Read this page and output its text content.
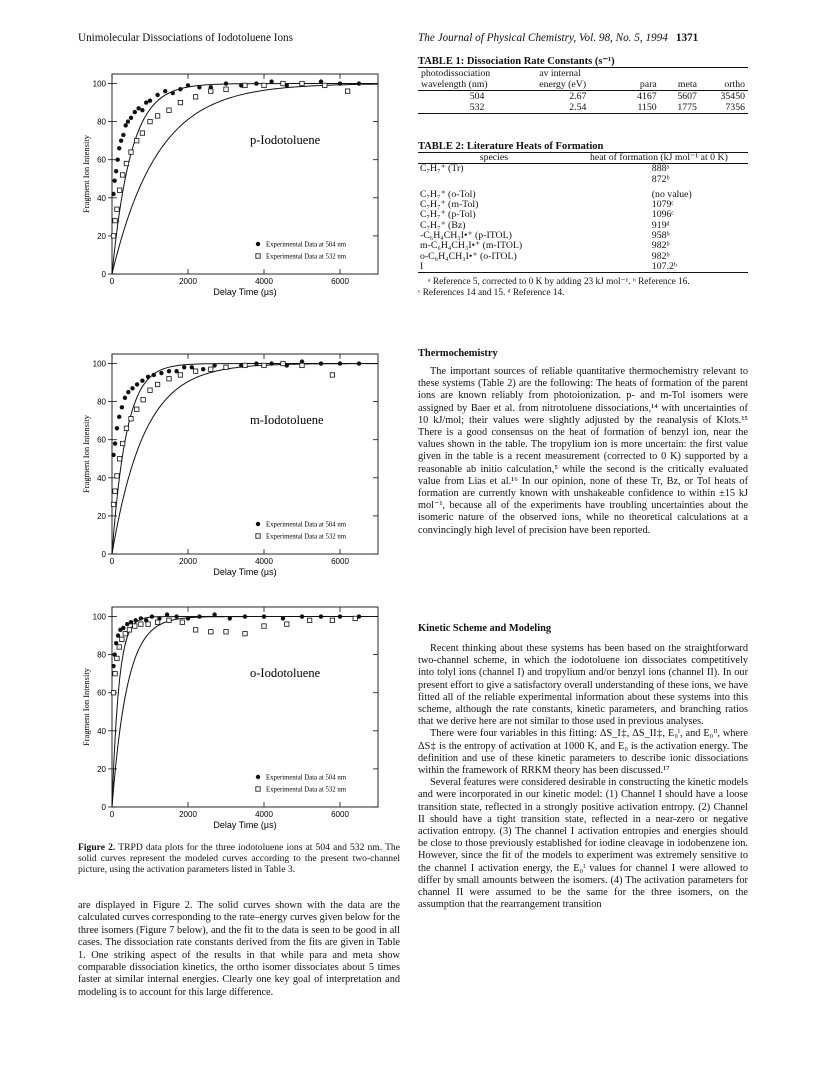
Unimolecular Dissociations of Iodotoluene Ions	The Journal of Physical Chemistry, Vol. 98, No. 5, 1994 1371
0
20
40
60
80
100
0	2000	4000	6000
Delay Time (µs)
Fragment Ion Intensity	p-Iodotoluene
Experimental Data at 504 nm
Experimental Data at 532 nm
0
20
40
60
80
100
0	2000	4000	6000
Delay Time (µs)
Fragment Ion Intensity	m-Iodotoluene
Experimental Data at 504 nm
Experimental Data at 532 nm
0
20
40
60
80
100
0	2000	4000	6000
Delay Time (µs)
Fragment Ion Intensity	o-Iodotoluene
Experimental Data at 504 nm
Experimental Data at 532 nm
Figure 2. TRPD data plots for the three iodotoluene ions at 504 and 532 nm. The solid curves represent the modeled curves according to the present two-channel picture, using the activation parameters listed in Table 3.
are displayed in Figure 2. The solid curves shown with the data are the calculated curves corresponding to the rate–energy curves given below for the three isomers (Figure 7 below), and the fit to the data is seen to be good in all cases. The dissociation rate constants derived from the fits are given in Table 1. One striking aspect of the results in that while para and meta show comparable dissociation kinetics, the ortho isomer dissociates about 5 times faster at similar internal energies. Clearly one key goal of interpretation and modeling is to account for this large difference.

TABLE 1: Dissociation Rate Constants (s⁻¹)

photodissociation	av internal			
wavelength (nm)	energy (eV)	para	meta	ortho
504	2.67	4167	5607	35450
532	2.54	1150	1775	7356

TABLE 2: Literature Heats of Formation

species	heat of formation (kJ mol⁻¹ at 0 K)
C₇H₇⁺ (Tr)	888ᵃ
	872ᵇ
C₇H₇⁺ (o-Tol)	(no value)
C₇H₇⁺ (m-Tol)	1079ᶜ
C₇H₇⁺ (p-Tol)	1096ᶜ
C₇H₇⁺ (Bz)	919ᵈ
-C₆H₄CH₃I•⁺ (p-ITOL)	958ᵇ
m-C₆H₄CH₃I•⁺ (m-ITOL)	982ᵇ
o-C₆H₄CH₃I•⁺ (o-ITOL)	982ᵇ
I	107.2ᵇ
ᵃ Reference 5, corrected to 0 K by adding 23 kJ mol⁻¹. ᵇ Reference 16.
ᶜ References 14 and 15. ᵈ Reference 14.

Thermochemistry

The important sources of reliable quantitative thermochemistry relevant to these systems (Table 2) are the following: The heats of formation of the parent ions are known reliably from photoionization. p- and m-Tol isomers were assigned by Baer et al. from nitrotoluene dissociations,¹⁴ with uncertainties of 10 kJ/mol; their values were slightly adjusted by the reanalysis of Klots.¹⁵ There is a good consensus on the heat of formation of benzyl ion, near the values shown in the table. The tropylium ion is more uncertain: the first value given in the table is a recent measurement (corrected to 0 K) supported by a reasonable ab initio calculation,⁵ while the second is the critically evaluated value from Lias et al.¹⁶ In our opinion, none of these Tr, Bz, or Tol heats of formation are currently known with unshakeable confidence to within ±15 kJ mol⁻¹, because all of the experiments have troubling uncertainties about the isomeric nature of the observed ions, while no theoretical calculations at a convincingly high level of precision have been reported.

Kinetic Scheme and Modeling

Recent thinking about these systems has been based on the straightforward two-channel scheme, in which the iodotoluene ion dissociates competitively into tolyl ions (channel I) and tropylium and/or benzyl ions (channel II). In our present effort to give a satisfactory overall understanding of these ions, we have fitted all of the reliable experimental information about these systems into this scheme, although the rate constants, kinetic parameters, and branching ratios that we derive here are not similar to those used in previous analyses.

There were four variables in this fitting: ΔS_I‡, ΔS_II‡, E₀ᴵ, and E₀ᴵᴵ, where ΔS‡ is the entropy of activation at 1000 K, and E₀ is the activation energy. The definition and use of these kinetic parameters to describe ionic dissociations within the framework of RRKM theory has been discussed.¹⁷

Several features were considered desirable in constructing the kinetic models and were incorporated in our kinetic model: (1) Channel I should have a loose transition state, reflected in a strongly positive activation entropy. (2) Channel II should have a tight transition state, reflected in a near-zero or negative activation entropy. (3) The channel I activation entropies and energies should be close to those previously established for iodine cleavage in iodobenzene ion. However, since the fit of the models to experiment was extremely sensitive to the channel I activation energy, the E₀ᴵ values for channel I were allowed to differ by small amounts between the isomers. (4) The activation parameters for channel II were assumed to be the same for the three isomers, on the assumption that the rearrangement transition
